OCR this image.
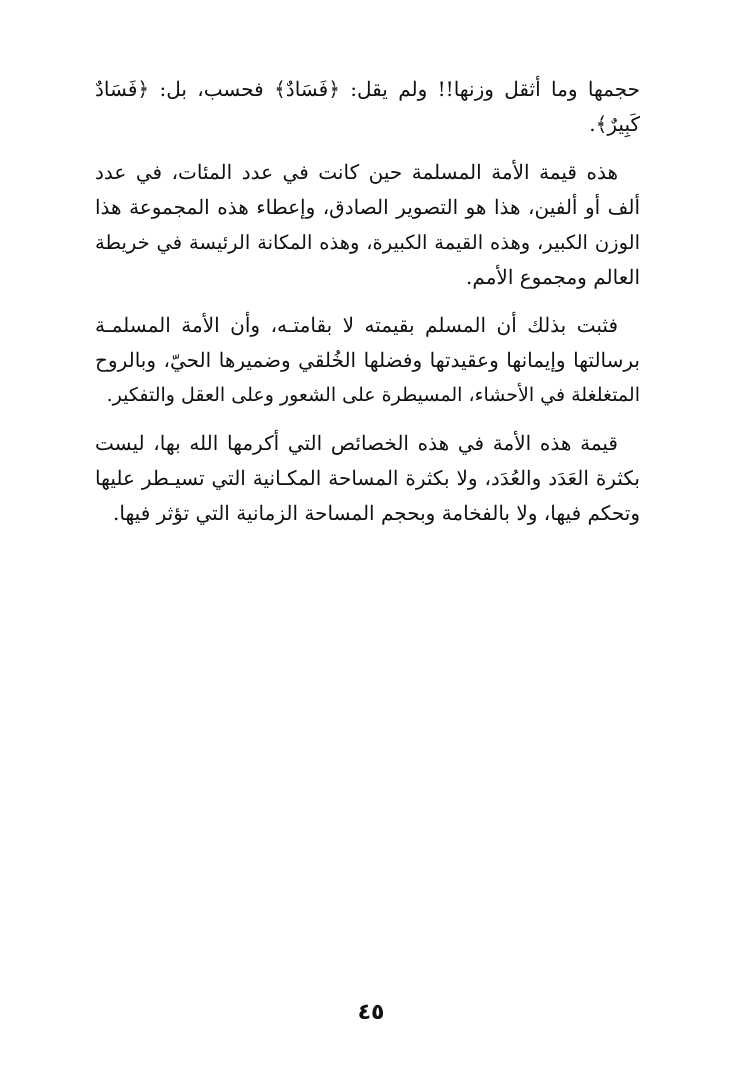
حجمها وما أثقل وزنها!! ولم يقل: ﴿فَسَادٌ﴾ فحسب، بل: ﴿فَسَادٌ
كَبِيرٌ﴾.

هذه قيمة الأمة المسلمة حين كانت في عدد المئات، في عدد
ألف أو ألفين، هذا هو التصوير الصادق، وإعطاء هذه المجموعة هذا
الوزن الكبير، وهذه القيمة الكبيرة، وهذه المكانة الرئيسة في خريطة
العالم ومجموع الأمم.

فثبت بذلك أن المسلم بقيمته لا بقامتـه، وأن الأمة المسلمـة
برسالتها وإيمانها وعقيدتها وفضلها الخُلقي وضميرها الحيّ، وبالروح
المتغلغلة في الأحشاء، المسيطرة على الشعور وعلى العقل والتفكير.

قيمة هذه الأمة في هذه الخصائص التي أكرمها الله بها، ليست
بكثرة العَدَد والعُدَد، ولا بكثرة المساحة المكـانية التي تسيـطر عليها
وتحكم فيها، ولا بالفخامة وبحجم المساحة الزمانية التي تؤثر فيها.

٤٥
